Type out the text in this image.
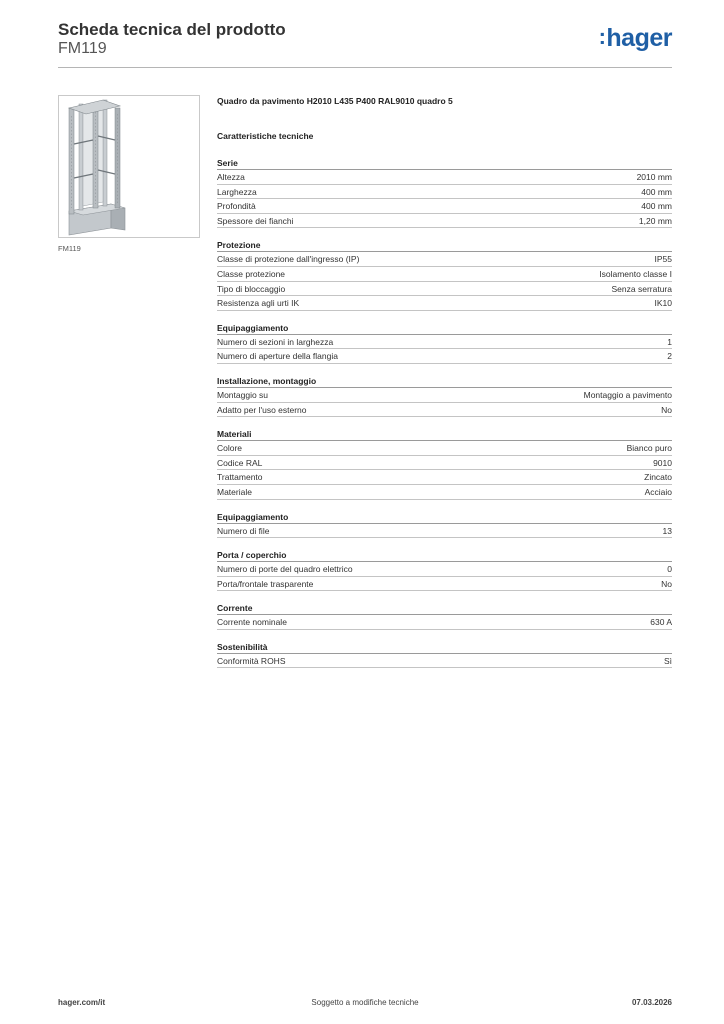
Scheda tecnica del prodotto
FM119	:hager
FM119
Quadro da pavimento H2010 L435 P400 RAL9010 quadro 5
Caratteristiche tecniche
Serie
Altezza	2010 mm
Larghezza	400 mm
Profondità	400 mm
Spessore dei fianchi	1,20 mm
Protezione
Classe di protezione dall'ingresso (IP)	IP55
Classe protezione	Isolamento classe I
Tipo di bloccaggio	Senza serratura
Resistenza agli urti IK	IK10
Equipaggiamento
Numero di sezioni in larghezza	1
Numero di aperture della flangia	2
Installazione, montaggio
Montaggio su	Montaggio a pavimento
Adatto per l'uso esterno	No
Materiali
Colore	Bianco puro
Codice RAL	9010
Trattamento	Zincato
Materiale	Acciaio
Equipaggiamento
Numero di file	13
Porta / coperchio
Numero di porte del quadro elettrico	0
Porta/frontale trasparente	No
Corrente
Corrente nominale	630 A
Sostenibilità
Conformità ROHS	Sì
hager.com/it	Soggetto a modifiche tecniche	07.03.2026
